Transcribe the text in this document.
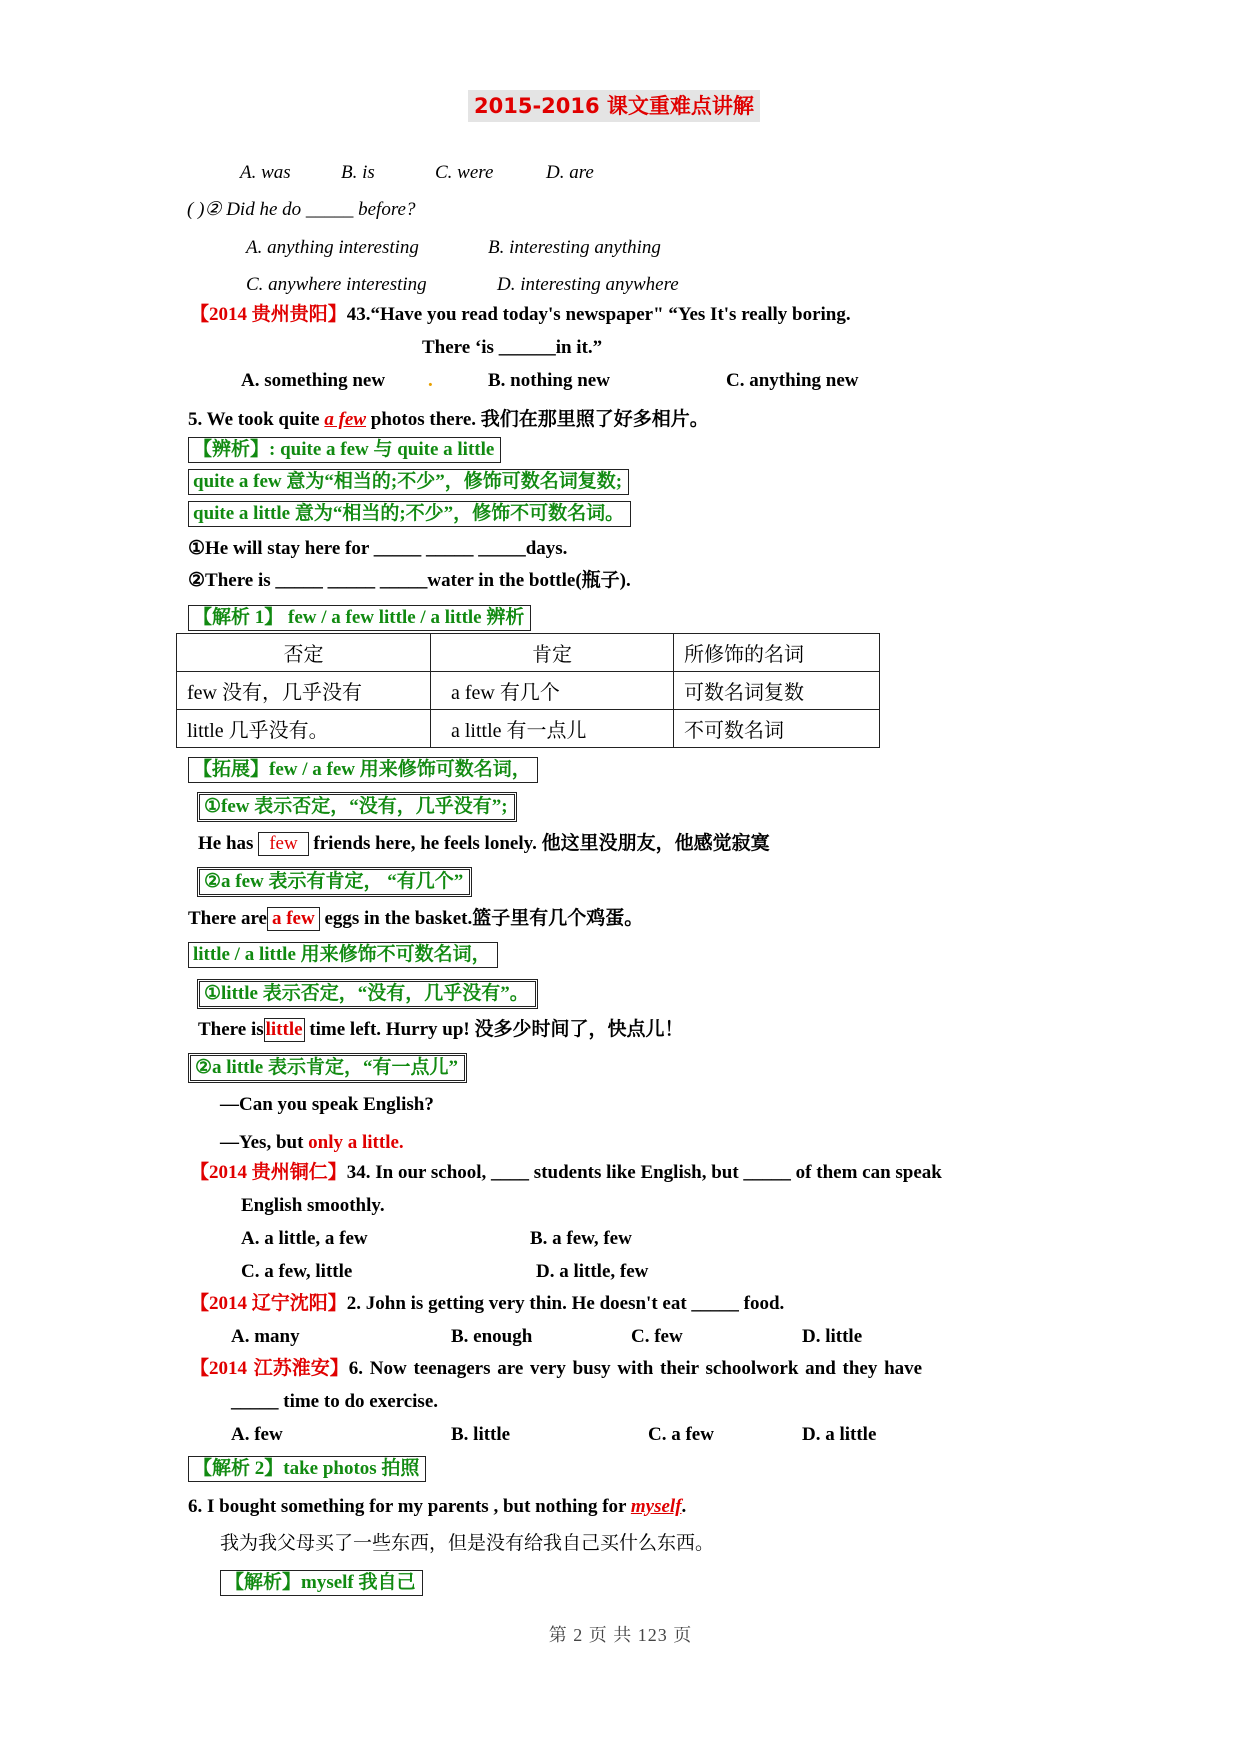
2015-2016 课文重难点讲解
A. was	B. is	C. were	D. are
( )② Did he do _____ before?
A. anything interesting	B. interesting anything
C. anywhere interesting	D. interesting anywhere
【2014 贵州贵阳】43.“Have you read today's newspaper" “Yes It's really boring.
There ‘is ______in it.”
A. something new .	B. nothing new	C. anything new
5. We took quite a few photos there. 我们在那里照了好多相片。
【辨析】: quite a few 与 quite a little
quite a few 意为“相当的;不少”，修饰可数名词复数;
quite a little 意为“相当的;不少”，修饰不可数名词。
①He will stay here for _____ _____ _____days.
②There is _____ _____ _____water in the bottle(瓶子).
【解析 1】 few / a few little / a little 辨析
否定	肯定	所修饰的名词
few 没有，几乎没有	a few 有几个	可数名词复数
little 几乎没有。	a little 有一点儿	不可数名词
【拓展】few / a few 用来修饰可数名词，
①few 表示否定，“没有，几乎没有”;
He has few friends here, he feels lonely. 他这里没朋友，他感觉寂寞
②a few 表示有肯定， “有几个”
There are a few eggs in the basket.篮子里有几个鸡蛋。
little / a little 用来修饰不可数名词，
①little 表示否定，“没有，几乎没有”。
There is little time left. Hurry up! 没多少时间了，快点儿！
②a little 表示肯定，“有一点儿”
—Can you speak English?
—Yes, but only a little.
【2014 贵州铜仁】34. In our school, ____ students like English, but _____ of them can speak
English smoothly.
A. a little, a few	B. a few, few
C. a few, little	D. a little, few
【2014 辽宁沈阳】2. John is getting very thin. He doesn't eat _____ food.
A. many	B. enough	C. few	D. little
【2014 江苏淮安】6. Now teenagers are very busy with their schoolwork and they have
_____ time to do exercise.
A. few	B. little	C. a few	D. a little
【解析 2】take photos 拍照
6. I bought something for my parents , but nothing for myself.
我为我父母买了一些东西，但是没有给我自己买什么东西。
【解析】myself 我自己
第 2 页 共 123 页
